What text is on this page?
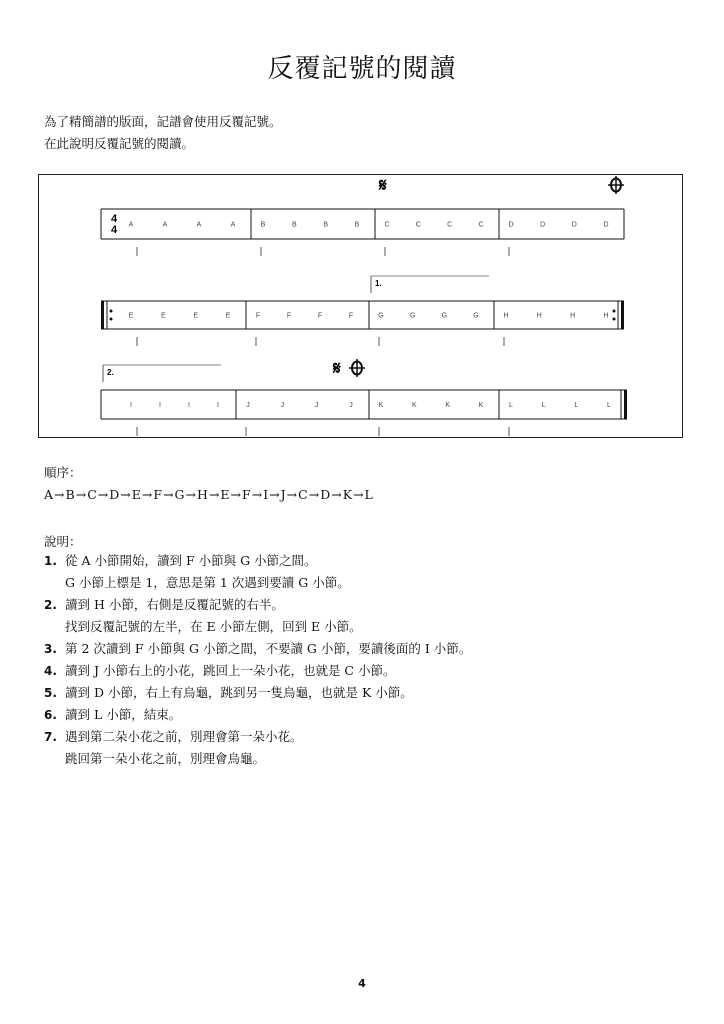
反覆記號的閱讀
為了精簡譜的版面，記譜會使用反覆記號。
在此說明反覆記號的閱讀。
4
4 A	A	A	A	B	B	B	B	C	C	C	C
𝄋
D	D	D	D
E	E	E	E	F	F	F	F	G	G	G	G
1.
H	H	H	H
I	I	I	I
2.
J	J	J	J
𝄋
K	K	K	K	L	L	L	L
順序：
A→B→C→D→E→F→G→H→E→F→I→J→C→D→K→L
說明：
1. 從 A 小節開始，讀到 F 小節與 G 小節之間。
G 小節上標是 1，意思是第 1 次遇到要讀 G 小節。
2. 讀到 H 小節，右側是反覆記號的右半。
找到反覆記號的左半，在 E 小節左側，回到 E 小節。
3. 第 2 次讀到 F 小節與 G 小節之間，不要讀 G 小節，要讀後面的 I 小節。
4. 讀到 J 小節右上的小花，跳回上一朵小花，也就是 C 小節。
5. 讀到 D 小節，右上有烏龜，跳到另一隻烏龜，也就是 K 小節。
6. 讀到 L 小節，結束。
7. 遇到第二朵小花之前，別理會第一朵小花。
跳回第一朵小花之前，別理會烏龜。
4
